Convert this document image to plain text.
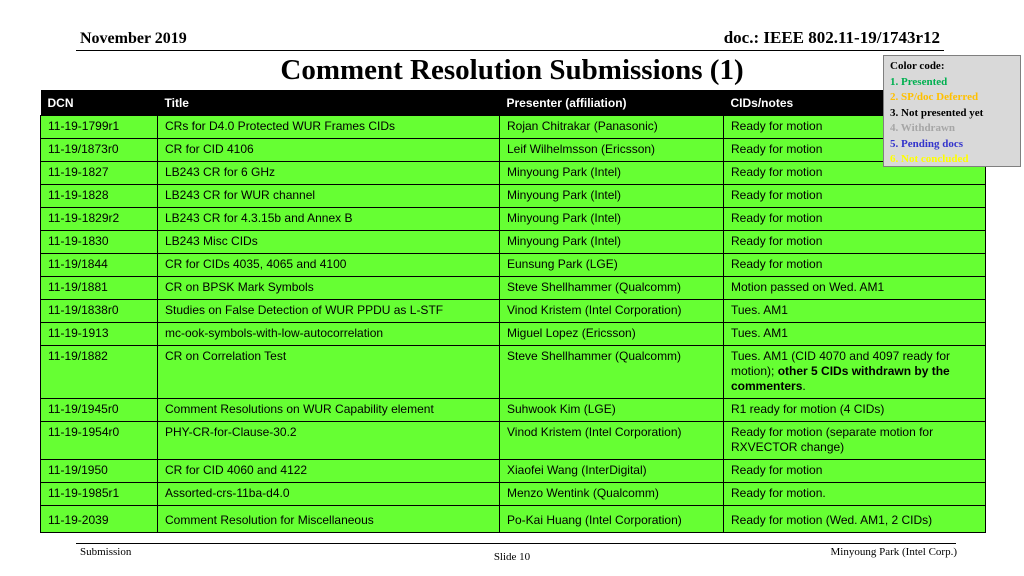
November 2019	doc.: IEEE 802.11-19/1743r12
Comment Resolution Submissions (1)
DCN	Title	Presenter (affiliation)	CIDs/notes
11-19-1799r1	CRs for D4.0 Protected WUR Frames CIDs	Rojan Chitrakar (Panasonic)	Ready for motion
11-19/1873r0	CR for CID 4106	Leif Wilhelmsson (Ericsson)	Ready for motion
11-19-1827	LB243 CR for 6 GHz	Minyoung Park (Intel)	Ready for motion
11-19-1828	LB243 CR for WUR channel	Minyoung Park (Intel)	Ready for motion
11-19-1829r2	LB243 CR for 4.3.15b and Annex B	Minyoung Park (Intel)	Ready for motion
11-19-1830	LB243 Misc CIDs	Minyoung Park (Intel)	Ready for motion
11-19/1844	CR for CIDs 4035, 4065 and 4100	Eunsung Park (LGE)	Ready for motion
11-19/1881	CR on BPSK Mark Symbols	Steve Shellhammer (Qualcomm)	Motion passed on Wed. AM1
11-19/1838r0	Studies on False Detection of WUR PPDU as L-STF	Vinod Kristem (Intel Corporation)	Tues. AM1
11-19-1913	mc-ook-symbols-with-low-autocorrelation	Miguel Lopez (Ericsson)	Tues. AM1
11-19/1882	CR on Correlation Test	Steve Shellhammer (Qualcomm)	Tues. AM1 (CID 4070 and 4097 ready for motion); other 5 CIDs withdrawn by the commenters.
11-19/1945r0	Comment Resolutions on WUR Capability element	Suhwook Kim (LGE)	R1 ready for motion (4 CIDs)
11-19-1954r0	PHY-CR-for-Clause-30.2	Vinod Kristem (Intel Corporation)	Ready for motion (separate motion for RXVECTOR change)
11-19/1950	CR for CID 4060 and 4122	Xiaofei Wang (InterDigital)	Ready for motion
11-19-1985r1	Assorted-crs-11ba-d4.0	Menzo Wentink (Qualcomm)	Ready for motion.
11-19-2039	Comment Resolution for Miscellaneous	Po-Kai Huang (Intel Corporation)	Ready for motion (Wed. AM1, 2 CIDs)
Color code:
1. Presented
2. SP/doc Deferred
3. Not presented yet
4. Withdrawn
5. Pending docs
6. Not concluded
Submission	Slide 10	Minyoung Park (Intel Corp.)
